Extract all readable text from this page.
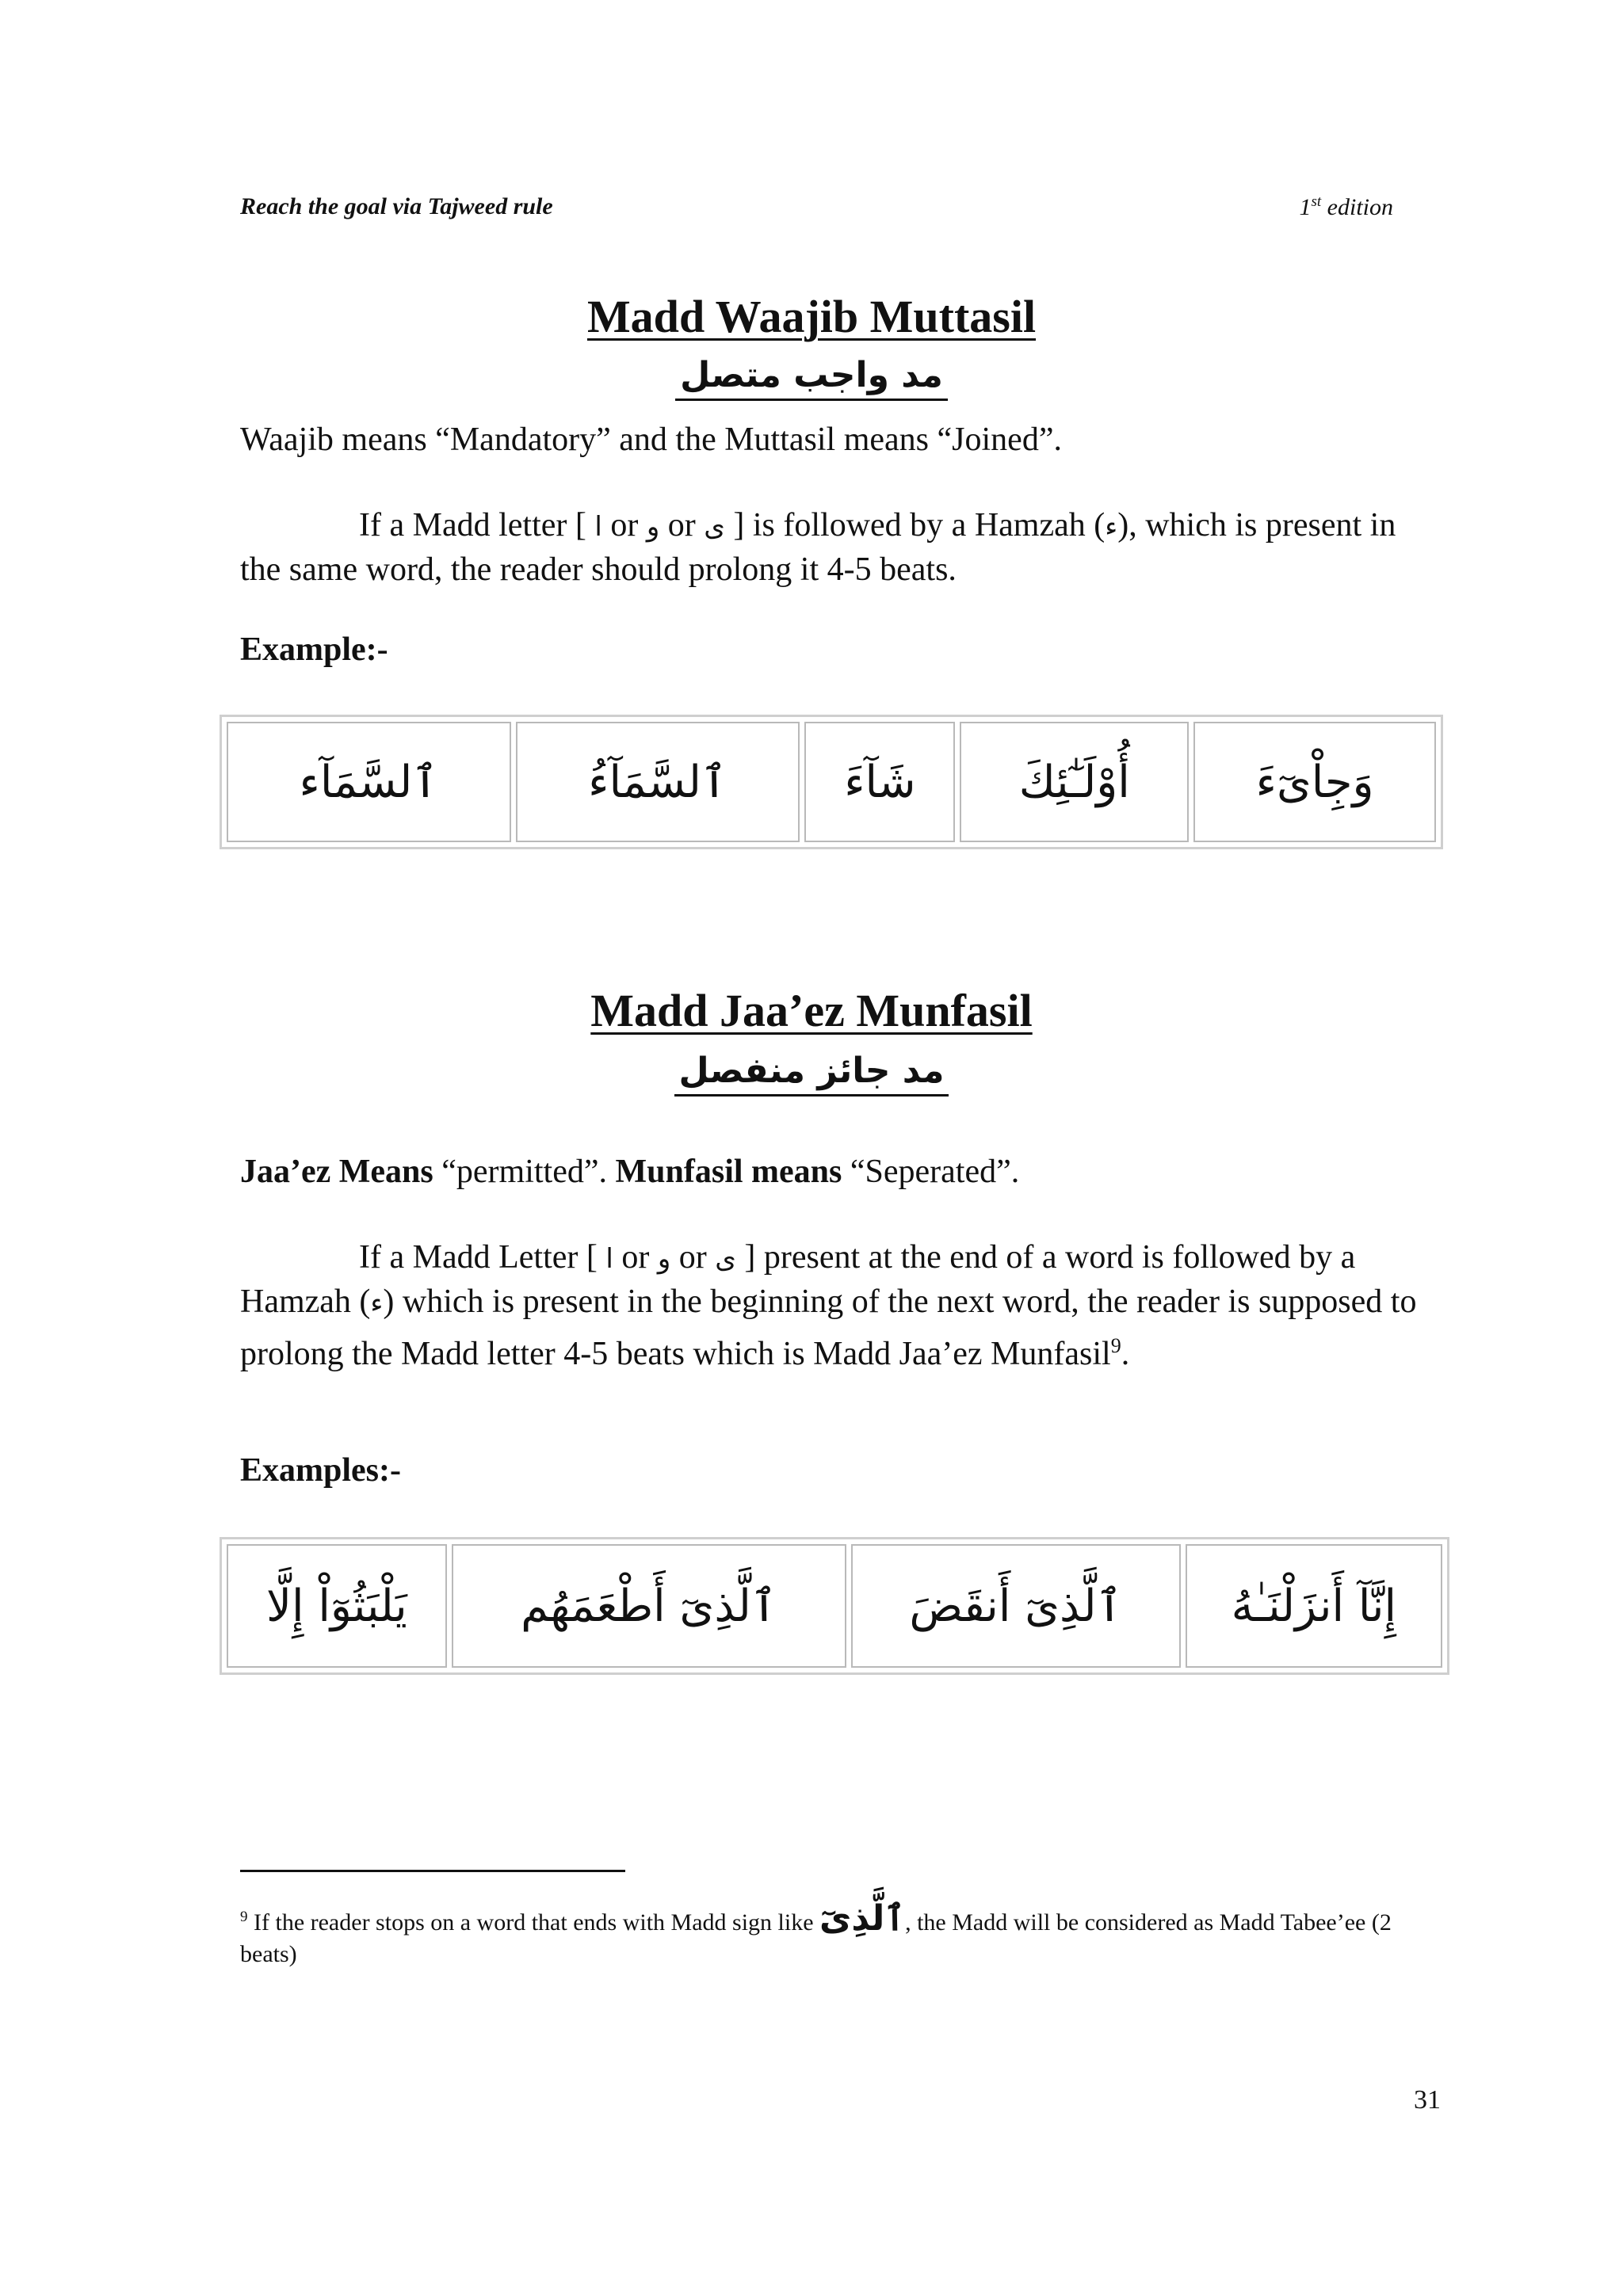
Reach the goal via Tajweed rule	1st edition
Madd Waajib Muttasil
مد واجب متصل
Waajib means “Mandatory” and the Muttasil means “Joined”.
If a Madd letter [ ا or و or ى ] is followed by a Hamzah (ء), which is present in the same word, the reader should prolong it 4-5 beats.
Example:-
ٱلسَّمَآء	ٱلسَّمَآءُ	شَآءَ	أُوْلَـٰٓئِكَ	وَجِاْىٓءَ
Madd Jaa’ez Munfasil
مد جائز منفصل
Jaa’ez Means “permitted”. Munfasil means “Seperated”.
If a Madd Letter [ ا or و or ى ] present at the end of a word is followed by a Hamzah (ء) which is present in the beginning of the next word, the reader is supposed to prolong the Madd letter 4-5 beats which is Madd Jaa’ez Munfasil$^9$.
Examples:-
يَلْبَثُوٓاْ إِلَّا	ٱلَّذِىٓ أَطْعَمَهُم	ٱلَّذِىٓ أَنقَضَ	إِنَّآ أَنزَلْنَـٰهُ
$^9$ If the reader stops on a word that ends with Madd sign like ٱلَّذِىٓ, the Madd will be considered as Madd Tabee’ee (2 beats)
31
